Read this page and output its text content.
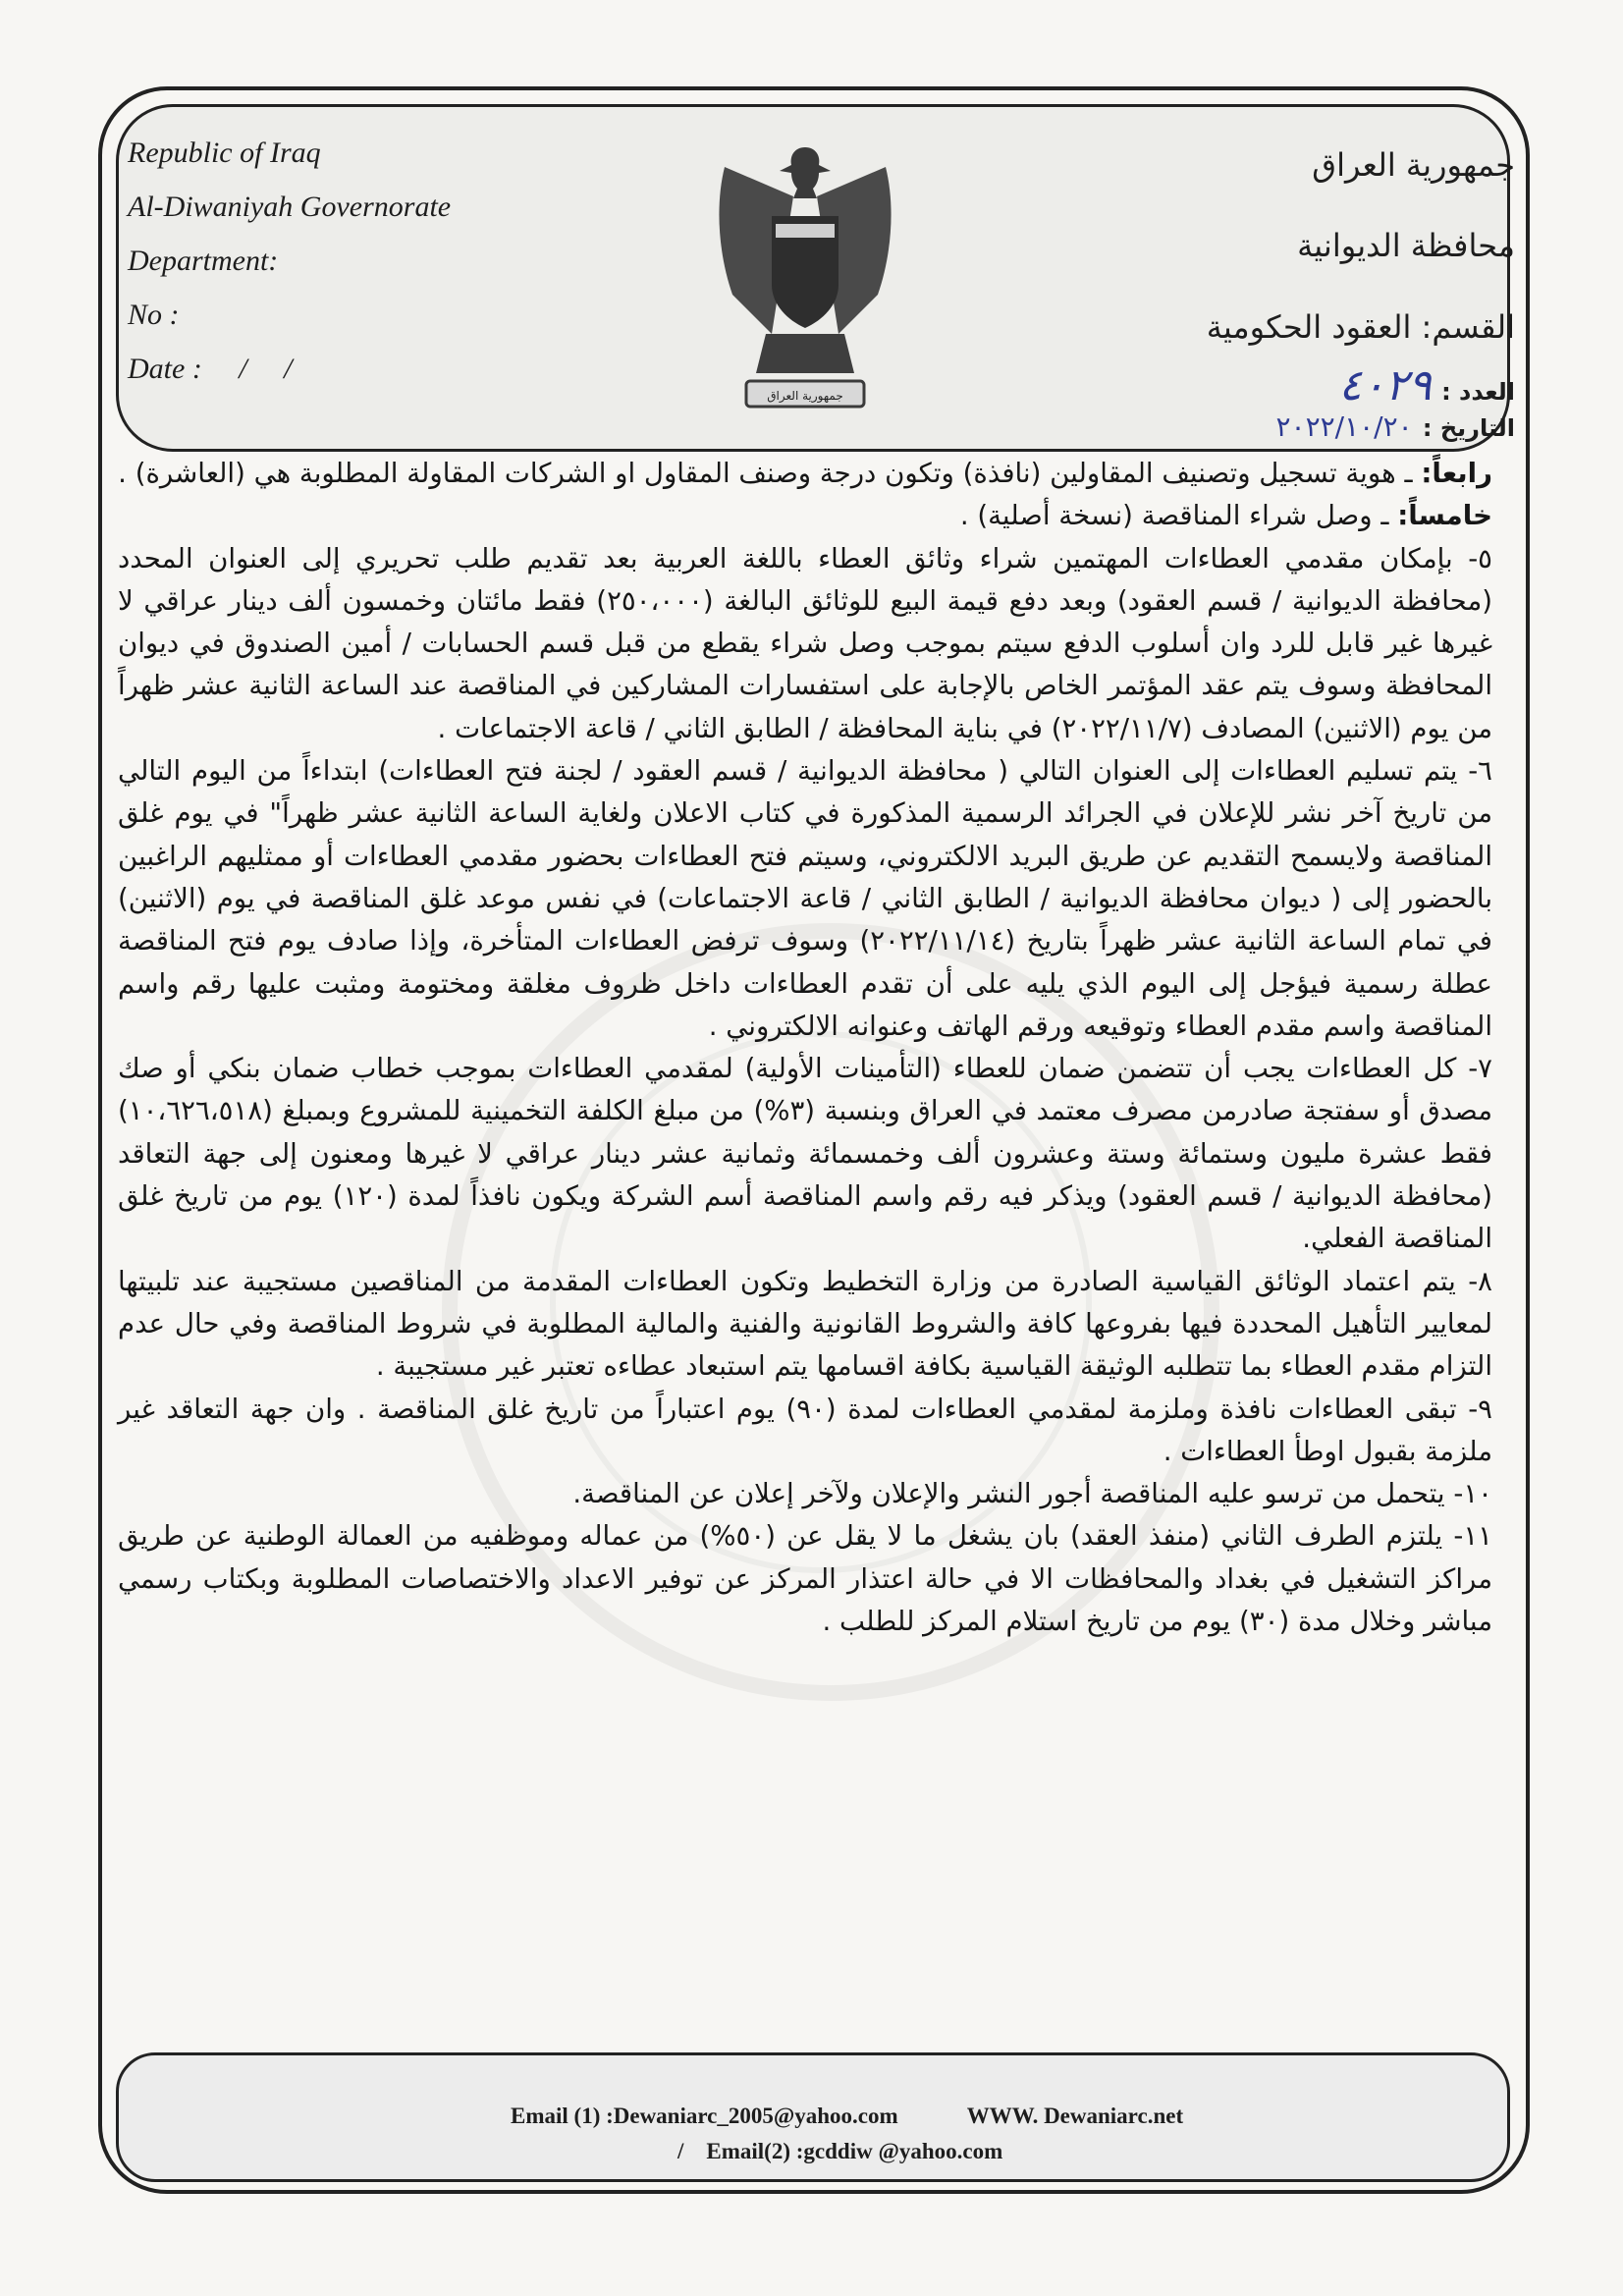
Republic of Iraq
Al-Diwaniyah Governorate
Department:
No :
Date :     /     /
جمهورية العراق
جمهورية العراق
محافظة الديوانية
القسم: العقود الحكومية
العدد : ٤٠٢٩
التاريخ : ٢٠٢٢/١٠/٢٠

رابعاً: ـ هوية تسجيل وتصنيف المقاولين (نافذة) وتكون درجة وصنف المقاول او الشركات المقاولة المطلوبة هي (العاشرة) .

خامساً: ـ وصل شراء المناقصة (نسخة أصلية) .

٥- بإمكان مقدمي العطاءات المهتمين شراء وثائق العطاء باللغة العربية بعد تقديم طلب تحريري إلى العنوان المحدد (محافظة الديوانية / قسم العقود) وبعد دفع قيمة البيع للوثائق البالغة (٢٥٠،٠٠٠) فقط مائتان وخمسون ألف دينار عراقي لا غيرها غير قابل للرد وان أسلوب الدفع سيتم بموجب وصل شراء يقطع من قبل قسم الحسابات / أمين الصندوق في ديوان المحافظة وسوف يتم عقد المؤتمر الخاص بالإجابة على استفسارات المشاركين في المناقصة عند الساعة الثانية عشر ظهراً من يوم (الاثنين) المصادف (٢٠٢٢/١١/٧) في بناية المحافظة / الطابق الثاني / قاعة الاجتماعات .

٦- يتم تسليم العطاءات إلى العنوان التالي ( محافظة الديوانية / قسم العقود / لجنة فتح العطاءات) ابتداءاً من اليوم التالي من تاريخ آخر نشر للإعلان في الجرائد الرسمية المذكورة في كتاب الاعلان ولغاية الساعة الثانية عشر ظهراً" في يوم غلق المناقصة ولايسمح التقديم عن طريق البريد الالكتروني، وسيتم فتح العطاءات بحضور مقدمي العطاءات أو ممثليهم الراغبين بالحضور إلى ( ديوان محافظة الديوانية / الطابق الثاني / قاعة الاجتماعات) في نفس موعد غلق المناقصة في يوم (الاثنين) في تمام الساعة الثانية عشر ظهراً بتاريخ (٢٠٢٢/١١/١٤) وسوف ترفض العطاءات المتأخرة، وإذا صادف يوم فتح المناقصة عطلة رسمية فيؤجل إلى اليوم الذي يليه على أن تقدم العطاءات داخل ظروف مغلقة ومختومة ومثبت عليها رقم واسم المناقصة واسم مقدم العطاء وتوقيعه ورقم الهاتف وعنوانه الالكتروني .

٧- كل العطاءات يجب أن تتضمن ضمان للعطاء (التأمينات الأولية) لمقدمي العطاءات بموجب خطاب ضمان بنكي أو صك مصدق أو سفتجة صادرمن مصرف معتمد في العراق وبنسبة (٣%) من مبلغ الكلفة التخمينية للمشروع وبمبلغ (١٠،٦٢٦،٥١٨) فقط عشرة مليون وستمائة وستة وعشرون ألف وخمسمائة وثمانية عشر دينار عراقي لا غيرها ومعنون إلى جهة التعاقد (محافظة الديوانية / قسم العقود) ويذكر فيه رقم واسم المناقصة أسم الشركة ويكون نافذاً لمدة (١٢٠) يوم من تاريخ غلق المناقصة الفعلي.

٨- يتم اعتماد الوثائق القياسية الصادرة من وزارة التخطيط وتكون العطاءات المقدمة من المناقصين مستجيبة عند تلبيتها لمعايير التأهيل المحددة فيها بفروعها كافة والشروط القانونية والفنية والمالية المطلوبة في شروط المناقصة وفي حال عدم التزام مقدم العطاء بما تتطلبه الوثيقة القياسية بكافة اقسامها يتم استبعاد عطاءه تعتبر غير مستجيبة .

٩- تبقى العطاءات نافذة وملزمة لمقدمي العطاءات لمدة (٩٠) يوم اعتباراً من تاريخ غلق المناقصة . وان جهة التعاقد غير ملزمة بقبول اوطأ العطاءات .

١٠- يتحمل من ترسو عليه المناقصة أجور النشر والإعلان ولآخر إعلان عن المناقصة.

١١- يلتزم الطرف الثاني (منفذ العقد) بان يشغل ما لا يقل عن (٥٠%) من عماله وموظفيه من العمالة الوطنية عن طريق مراكز التشغيل في بغداد والمحافظات الا في حالة اعتذار المركز عن توفير الاعداد والاختصاصات المطلوبة وبكتاب رسمي مباشر وخلال مدة (٣٠) يوم من تاريخ استلام المركز للطلب .

Email (1) :Dewaniarc_2005@yahoo.com	WWW. Dewaniarc.net
/ Email(2) :gcddiw @yahoo.com
